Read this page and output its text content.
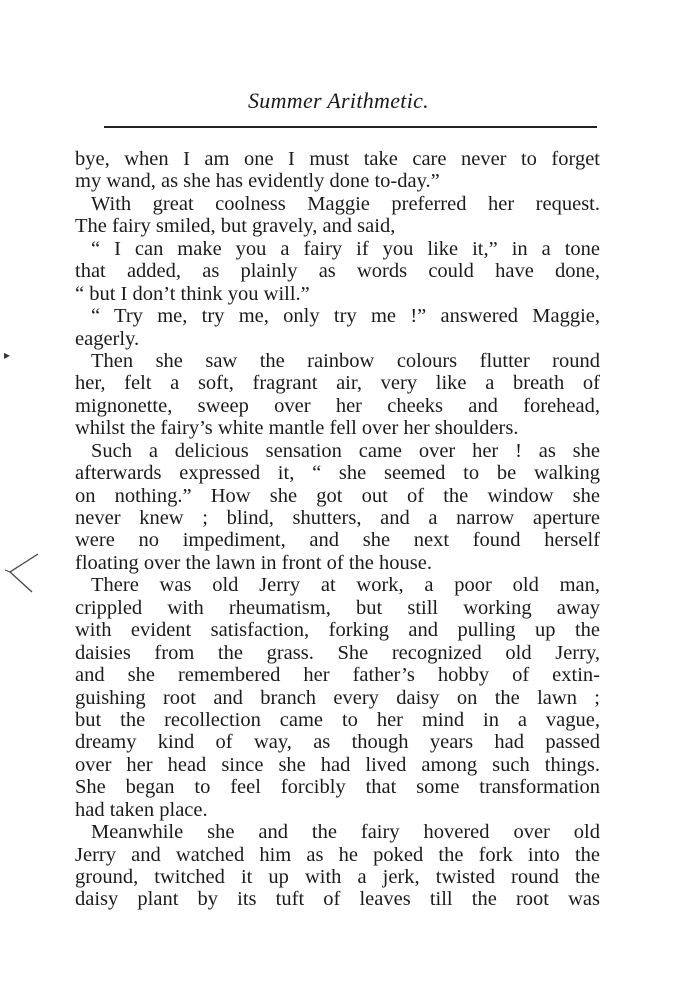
Summer Arithmetic.
bye, when I am one I must take care never to forget
my wand, as she has evidently done to-day.”
With great coolness Maggie preferred her request.
The fairy smiled, but gravely, and said,
“ I can make you a fairy if you like it,” in a tone
that added, as plainly as words could have done,
“ but I don’t think you will.”
“ Try me, try me, only try me !” answered Maggie,
eagerly.
Then she saw the rainbow colours flutter round
her, felt a soft, fragrant air, very like a breath of
mignonette, sweep over her cheeks and forehead,
whilst the fairy’s white mantle fell over her shoulders.
Such a delicious sensation came over her ! as she
afterwards expressed it, “ she seemed to be walking
on nothing.” How she got out of the window she
never knew ; blind, shutters, and a narrow aperture
were no impediment, and she next found herself
floating over the lawn in front of the house.
There was old Jerry at work, a poor old man,
crippled with rheumatism, but still working away
with evident satisfaction, forking and pulling up the
daisies from the grass. She recognized old Jerry,
and she remembered her father’s hobby of extin-
guishing root and branch every daisy on the lawn ;
but the recollection came to her mind in a vague,
dreamy kind of way, as though years had passed
over her head since she had lived among such things.
She began to feel forcibly that some transformation
had taken place.
Meanwhile she and the fairy hovered over old
Jerry and watched him as he poked the fork into the
ground, twitched it up with a jerk, twisted round the
daisy plant by its tuft of leaves till the root was
▸
